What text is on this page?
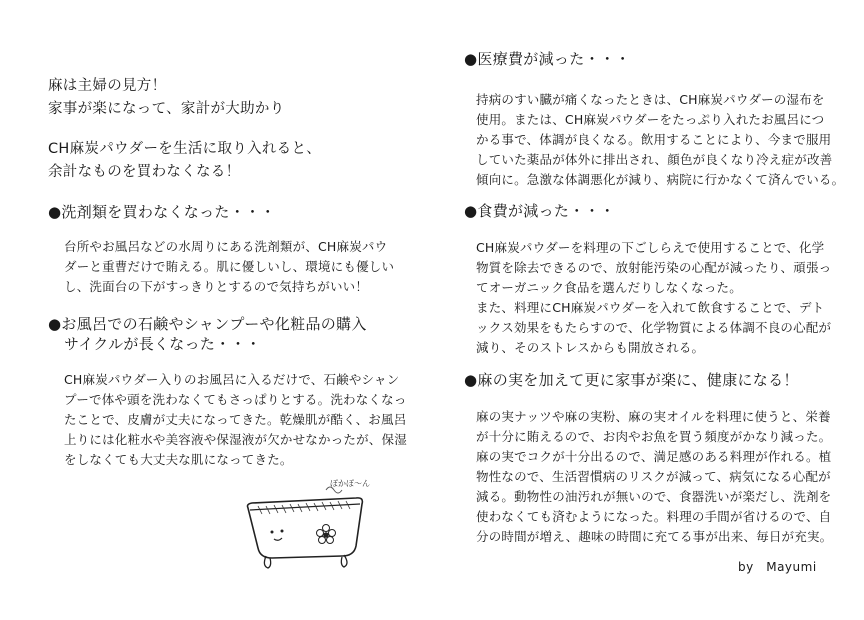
麻は主婦の見方！
家事が楽になって、家計が大助かり
CH麻炭パウダーを生活に取り入れると、
余計なものを買わなくなる！
●洗剤類を買わなくなった・・・
台所やお風呂などの水周りにある洗剤類が、CH麻炭パウ
ダーと重曹だけで賄える。肌に優しいし、環境にも優しい
し、洗面台の下がすっきりとするので気持ちがいい！
●お風呂での石鹸やシャンプーや化粧品の購入
サイクルが長くなった・・・
CH麻炭パウダー入りのお風呂に入るだけで、石鹸やシャン
プーで体や頭を洗わなくてもさっぱりとする。洗わなくなっ
たことで、皮膚が丈夫になってきた。乾燥肌が酷く、お風呂
上りには化粧水や美容液や保湿液が欠かせなかったが、保湿
をしなくても大丈夫な肌になってきた。
ぽかぽ〜ん
●医療費が減った・・・
持病のすい臓が痛くなったときは、CH麻炭パウダーの湿布を
使用。または、CH麻炭パウダーをたっぷり入れたお風呂につ
かる事で、体調が良くなる。飲用することにより、今まで服用
していた薬品が体外に排出され、顔色が良くなり冷え症が改善
傾向に。急激な体調悪化が減り、病院に行かなくて済んでいる。
●食費が減った・・・
CH麻炭パウダーを料理の下ごしらえで使用することで、化学
物質を除去できるので、放射能汚染の心配が減ったり、頑張っ
てオーガニック食品を選んだりしなくなった。
また、料理にCH麻炭パウダーを入れて飲食することで、デト
ックス効果をもたらすので、化学物質による体調不良の心配が
減り、そのストレスからも開放される。
●麻の実を加えて更に家事が楽に、健康になる！
麻の実ナッツや麻の実粉、麻の実オイルを料理に使うと、栄養
が十分に賄えるので、お肉やお魚を買う頻度がかなり減った。
麻の実でコクが十分出るので、満足感のある料理が作れる。植
物性なので、生活習慣病のリスクが減って、病気になる心配が
減る。動物性の油汚れが無いので、食器洗いが楽だし、洗剤を
使わなくても済むようになった。料理の手間が省けるので、自
分の時間が増え、趣味の時間に充てる事が出来、毎日が充実。
by　Mayumi
